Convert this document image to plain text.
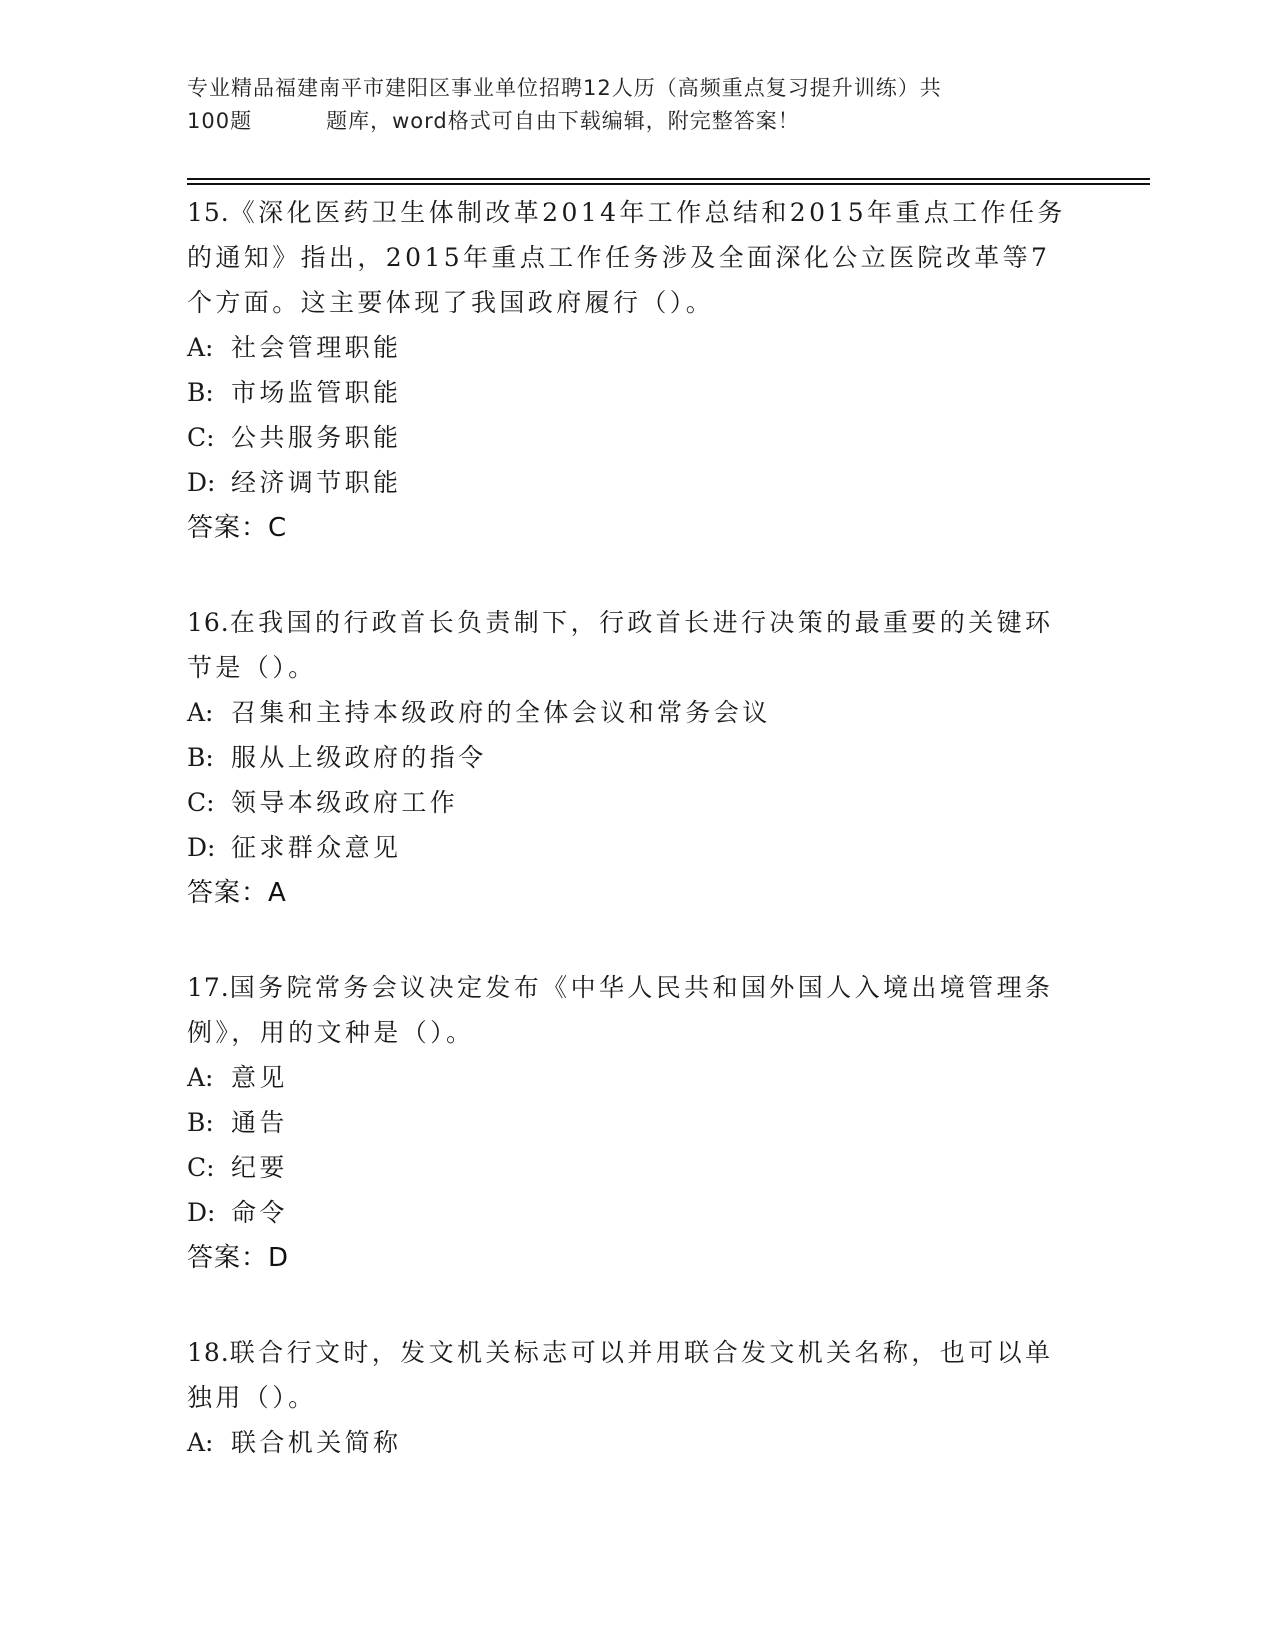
专业精品福建南平市建阳区事业单位招聘12人历（高频重点复习提升训练）共
100题	题库，word格式可自由下载编辑，附完整答案！
15.《深化医药卫生体制改革2014年工作总结和2015年重点工作任务
的通知》指出，2015年重点工作任务涉及全面深化公立医院改革等7
个方面。这主要体现了我国政府履行（）。
A: 社会管理职能
B: 市场监管职能
C: 公共服务职能
D: 经济调节职能
答案：C
16.在我国的行政首长负责制下，行政首长进行决策的最重要的关键环
节是（）。
A: 召集和主持本级政府的全体会议和常务会议
B: 服从上级政府的指令
C: 领导本级政府工作
D: 征求群众意见
答案：A
17.国务院常务会议决定发布《中华人民共和国外国人入境出境管理条
例》，用的文种是（）。
A: 意见
B: 通告
C: 纪要
D: 命令
答案：D
18.联合行文时，发文机关标志可以并用联合发文机关名称，也可以单
独用（）。
A: 联合机关简称
